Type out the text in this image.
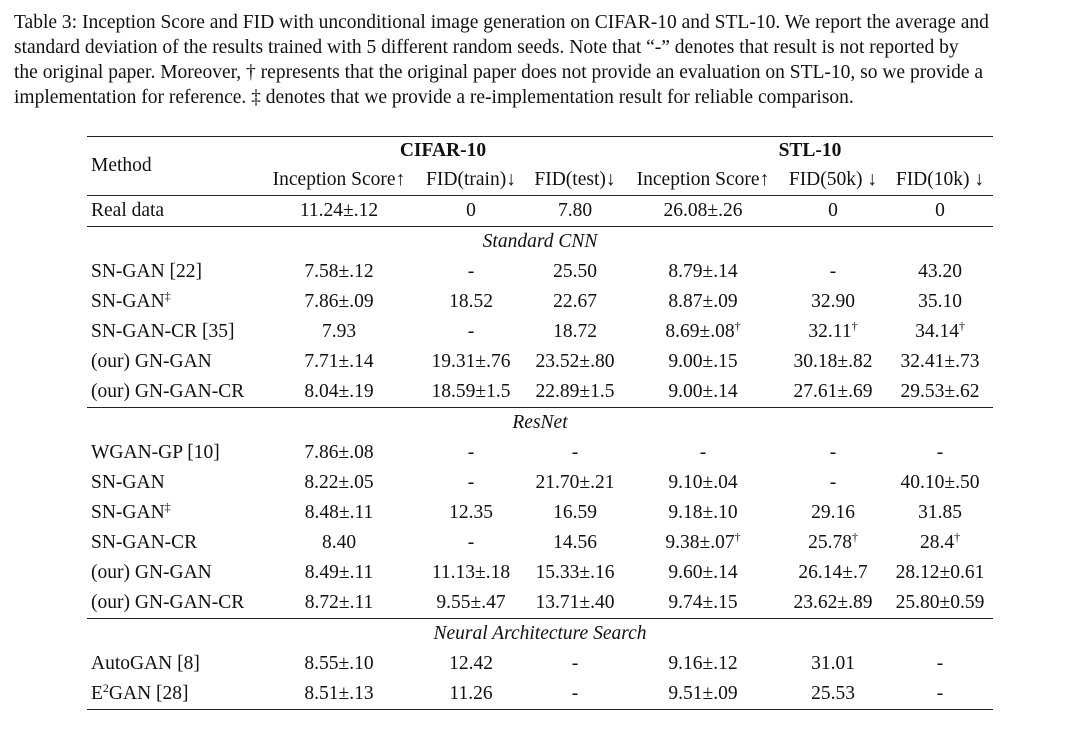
Table 3: Inception Score and FID with unconditional image generation on CIFAR-10 and STL-10. We report the average and
standard deviation of the results trained with 5 different random seeds. Note that “-” denotes that result is not reported by
the original paper. Moreover, † represents that the original paper does not provide an evaluation on STL-10, so we provide a
implementation for reference. ‡ denotes that we provide a re-implementation result for reliable comparison.
Method	CIFAR-10			STL-10		
	Inception Score↑	FID(train)↓	FID(test)↓	Inception Score↑	FID(50k) ↓	FID(10k) ↓
Real data	11.24±.12	0	7.80	26.08±.26	0	0
Standard CNN						
SN-GAN [22]	7.58±.12	-	25.50	8.79±.14	-	43.20
SN-GAN‡	7.86±.09	18.52	22.67	8.87±.09	32.90	35.10
SN-GAN-CR [35]	7.93	-	18.72	8.69±.08†	32.11†	34.14†
(our) GN-GAN	7.71±.14	19.31±.76	23.52±.80	9.00±.15	30.18±.82	32.41±.73
(our) GN-GAN-CR	8.04±.19	18.59±1.5	22.89±1.5	9.00±.14	27.61±.69	29.53±.62
ResNet						
WGAN-GP [10]	7.86±.08	-	-	-	-	-
SN-GAN	8.22±.05	-	21.70±.21	9.10±.04	-	40.10±.50
SN-GAN‡	8.48±.11	12.35	16.59	9.18±.10	29.16	31.85
SN-GAN-CR	8.40	-	14.56	9.38±.07†	25.78†	28.4†
(our) GN-GAN	8.49±.11	11.13±.18	15.33±.16	9.60±.14	26.14±.7	28.12±0.61
(our) GN-GAN-CR	8.72±.11	9.55±.47	13.71±.40	9.74±.15	23.62±.89	25.80±0.59
Neural Architecture Search						
AutoGAN [8]	8.55±.10	12.42	-	9.16±.12	31.01	-
$E^2GAN$ [28]	8.51±.13	11.26	-	9.51±.09	25.53	-
